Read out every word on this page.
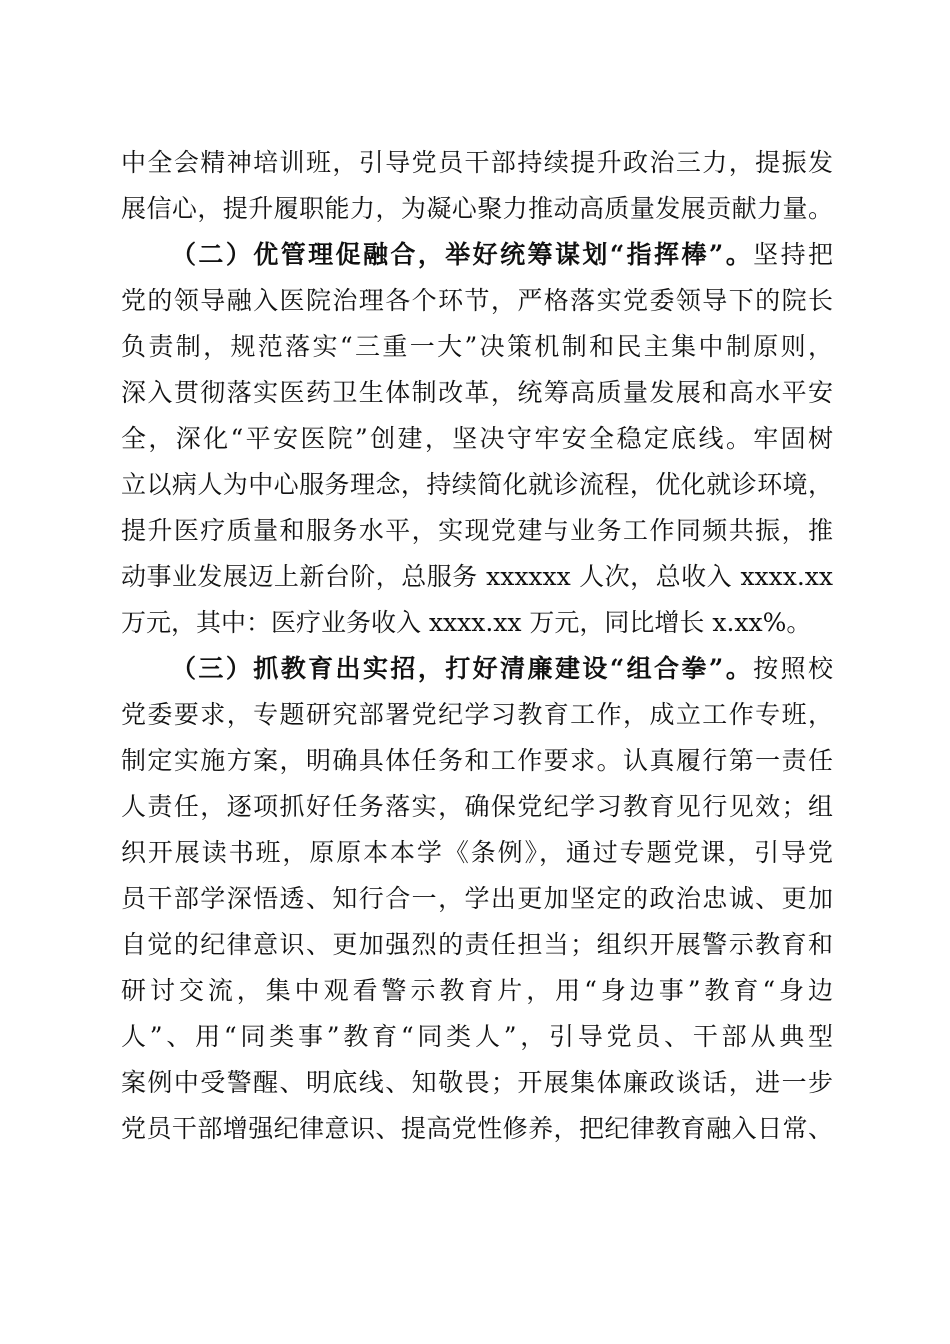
中全会精神培训班，引导党员干部持续提升政治三力，提振发
展信心，提升履职能力，为凝心聚力推动高质量发展贡献力量。
（二）优管理促融合，举好统筹谋划“指挥棒”。坚持把
党的领导融入医院治理各个环节，严格落实党委领导下的院长
负责制，规范落实“三重一大”决策机制和民主集中制原则，
深入贯彻落实医药卫生体制改革，统筹高质量发展和高水平安
全，深化“平安医院”创建，坚决守牢安全稳定底线。牢固树
立以病人为中心服务理念，持续简化就诊流程，优化就诊环境，
提升医疗质量和服务水平，实现党建与业务工作同频共振，推
动事业发展迈上新台阶，总服务 xxxxxx 人次，总收入 xxxx.xx
万元，其中：医疗业务收入 xxxx.xx 万元，同比增长 x.xx%。
（三）抓教育出实招，打好清廉建设“组合拳”。按照校
党委要求，专题研究部署党纪学习教育工作，成立工作专班，
制定实施方案，明确具体任务和工作要求。认真履行第一责任
人责任，逐项抓好任务落实，确保党纪学习教育见行见效；组
织开展读书班，原原本本学《条例》，通过专题党课，引导党
员干部学深悟透、知行合一，学出更加坚定的政治忠诚、更加
自觉的纪律意识、更加强烈的责任担当；组织开展警示教育和
研讨交流，集中观看警示教育片，用“身边事”教育“身边
人”、用“同类事”教育“同类人”，引导党员、干部从典型
案例中受警醒、明底线、知敬畏；开展集体廉政谈话，进一步
党员干部增强纪律意识、提高党性修养，把纪律教育融入日常、
